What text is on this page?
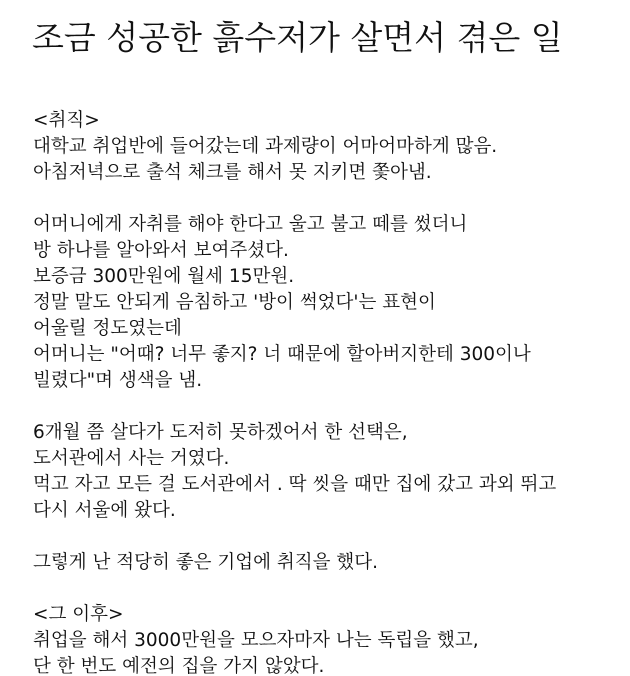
조금 성공한 흙수저가 살면서 겪은 일
<취직>
대학교 취업반에 들어갔는데 과제량이 어마어마하게 많음.
아침저녁으로 출석 체크를 해서 못 지키면 쫓아냄.
어머니에게 자취를 해야 한다고 울고 불고 떼를 썼더니
방 하나를 알아와서 보여주셨다.
보증금 300만원에 월세 15만원.
정말 말도 안되게 음침하고 '방이 썩었다'는 표현이
어울릴 정도였는데
어머니는 "어때? 너무 좋지? 너 때문에 할아버지한테 300이나
빌렸다"며 생색을 냄.
6개월 쯤 살다가 도저히 못하겠어서 한 선택은,
도서관에서 사는 거였다.
먹고 자고 모든 걸 도서관에서 . 딱 씻을 때만 집에 갔고 과외 뛰고
다시 서울에 왔다.
그렇게 난 적당히 좋은 기업에 취직을 했다.
<그 이후>
취업을 해서 3000만원을 모으자마자 나는 독립을 했고,
단 한 번도 예전의 집을 가지 않았다.
